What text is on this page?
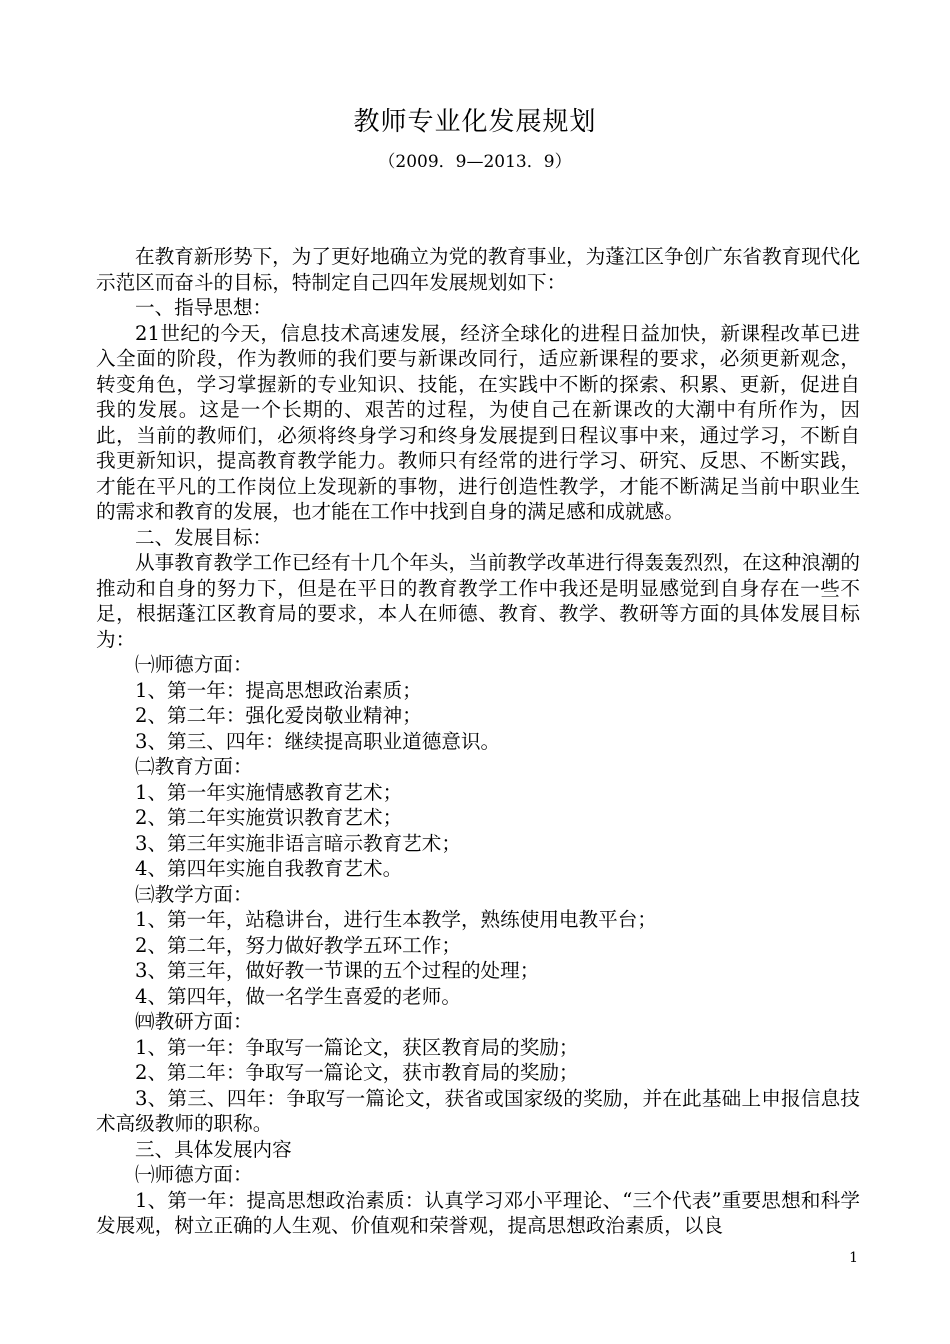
教师专业化发展规划
（2009．9—2013．9）

在教育新形势下，为了更好地确立为党的教育事业，为蓬江区争创广东省教育现代化示范区而奋斗的目标，特制定自己四年发展规划如下：

一、指导思想：

21世纪的今天，信息技术高速发展，经济全球化的进程日益加快，新课程改革已进入全面的阶段，作为教师的我们要与新课改同行，适应新课程的要求，必须更新观念，转变角色，学习掌握新的专业知识、技能，在实践中不断的探索、积累、更新，促进自我的发展。这是一个长期的、艰苦的过程，为使自己在新课改的大潮中有所作为，因此，当前的教师们，必须将终身学习和终身发展提到日程议事中来，通过学习，不断自我更新知识，提高教育教学能力。教师只有经常的进行学习、研究、反思、不断实践，才能在平凡的工作岗位上发现新的事物，进行创造性教学，才能不断满足当前中职业生的需求和教育的发展，也才能在工作中找到自身的满足感和成就感。

二、发展目标：

从事教育教学工作已经有十几个年头，当前教学改革进行得轰轰烈烈，在这种浪潮的推动和自身的努力下，但是在平日的教育教学工作中我还是明显感觉到自身存在一些不足，根据蓬江区教育局的要求，本人在师德、教育、教学、教研等方面的具体发展目标为：

㈠师德方面：

1、第一年：提高思想政治素质；

2、第二年：强化爱岗敬业精神；

3、第三、四年：继续提高职业道德意识。

㈡教育方面：

1、第一年实施情感教育艺术；

2、第二年实施赏识教育艺术；

3、第三年实施非语言暗示教育艺术；

4、第四年实施自我教育艺术。

㈢教学方面：

1、第一年，站稳讲台，进行生本教学，熟练使用电教平台；

2、第二年，努力做好教学五环工作；

3、第三年，做好教一节课的五个过程的处理；

4、第四年，做一名学生喜爱的老师。

㈣教研方面：

1、第一年：争取写一篇论文，获区教育局的奖励；

2、第二年：争取写一篇论文，获市教育局的奖励；

3、第三、四年：争取写一篇论文，获省或国家级的奖励，并在此基础上申报信息技术高级教师的职称。

三、具体发展内容

㈠师德方面：

1、第一年：提高思想政治素质：认真学习邓小平理论、“三个代表”重要思想和科学发展观，树立正确的人生观、价值观和荣誉观，提高思想政治素质，以良

1
